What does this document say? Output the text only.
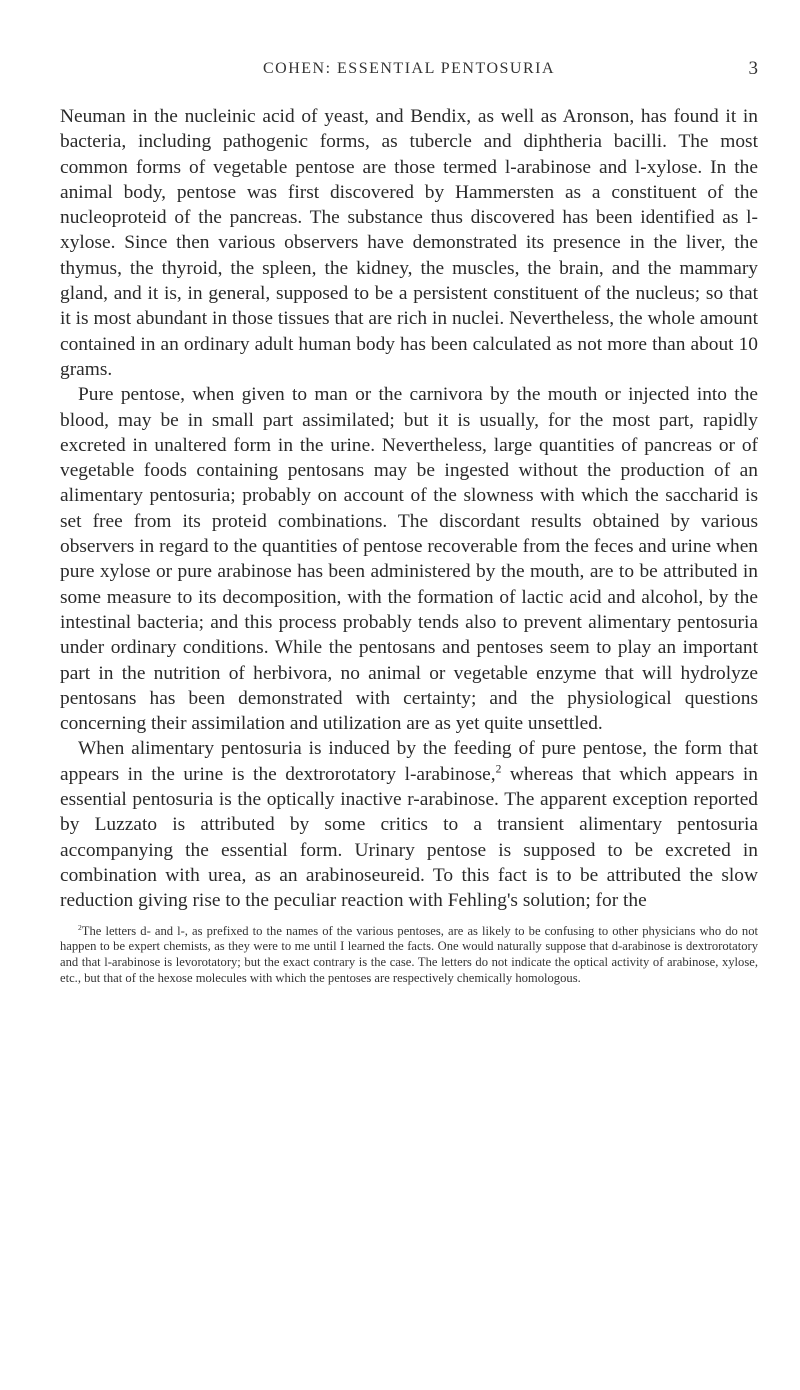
COHEN: ESSENTIAL PENTOSURIA	3

Neuman in the nucleinic acid of yeast, and Bendix, as well as Aronson, has found it in bacteria, including pathogenic forms, as tubercle and diphtheria bacilli. The most common forms of vegetable pentose are those termed l-arabinose and l-xylose. In the animal body, pentose was first discovered by Hammersten as a constituent of the nucleoproteid of the pancreas. The substance thus discovered has been identified as l-xylose. Since then various observers have demonstrated its presence in the liver, the thymus, the thyroid, the spleen, the kidney, the muscles, the brain, and the mammary gland, and it is, in general, supposed to be a persistent constituent of the nucleus; so that it is most abundant in those tissues that are rich in nuclei. Nevertheless, the whole amount contained in an ordinary adult human body has been calculated as not more than about 10 grams.

Pure pentose, when given to man or the carnivora by the mouth or injected into the blood, may be in small part assimilated; but it is usually, for the most part, rapidly excreted in unaltered form in the urine. Nevertheless, large quantities of pancreas or of vegetable foods containing pentosans may be ingested without the production of an alimentary pentosuria; probably on account of the slowness with which the saccharid is set free from its proteid combinations. The discordant results obtained by various observers in regard to the quantities of pentose recoverable from the feces and urine when pure xylose or pure arabinose has been administered by the mouth, are to be attributed in some measure to its decomposition, with the formation of lactic acid and alcohol, by the intestinal bacteria; and this process probably tends also to prevent alimentary pentosuria under ordinary conditions. While the pentosans and pentoses seem to play an important part in the nutrition of herbivora, no animal or vegetable enzyme that will hydrolyze pentosans has been demonstrated with certainty; and the physiological questions concerning their assimilation and utilization are as yet quite unsettled.

When alimentary pentosuria is induced by the feeding of pure pentose, the form that appears in the urine is the dextrorotatory l-arabinose,$^2$ whereas that which appears in essential pentosuria is the optically inactive r-arabinose. The apparent exception reported by Luzzato is attributed by some critics to a transient alimentary pentosuria accompanying the essential form. Urinary pentose is supposed to be excreted in combination with urea, as an arabinoseureid. To this fact is to be attributed the slow reduction giving rise to the peculiar reaction with Fehling's solution; for the

$^2$The letters d- and l-, as prefixed to the names of the various pentoses, are as likely to be confusing to other physicians who do not happen to be expert chemists, as they were to me until I learned the facts. One would naturally suppose that d-arabinose is dextrorotatory and that l-arabinose is levorotatory; but the exact contrary is the case. The letters do not indicate the optical activity of arabinose, xylose, etc., but that of the hexose molecules with which the pentoses are respectively chemically homologous.
